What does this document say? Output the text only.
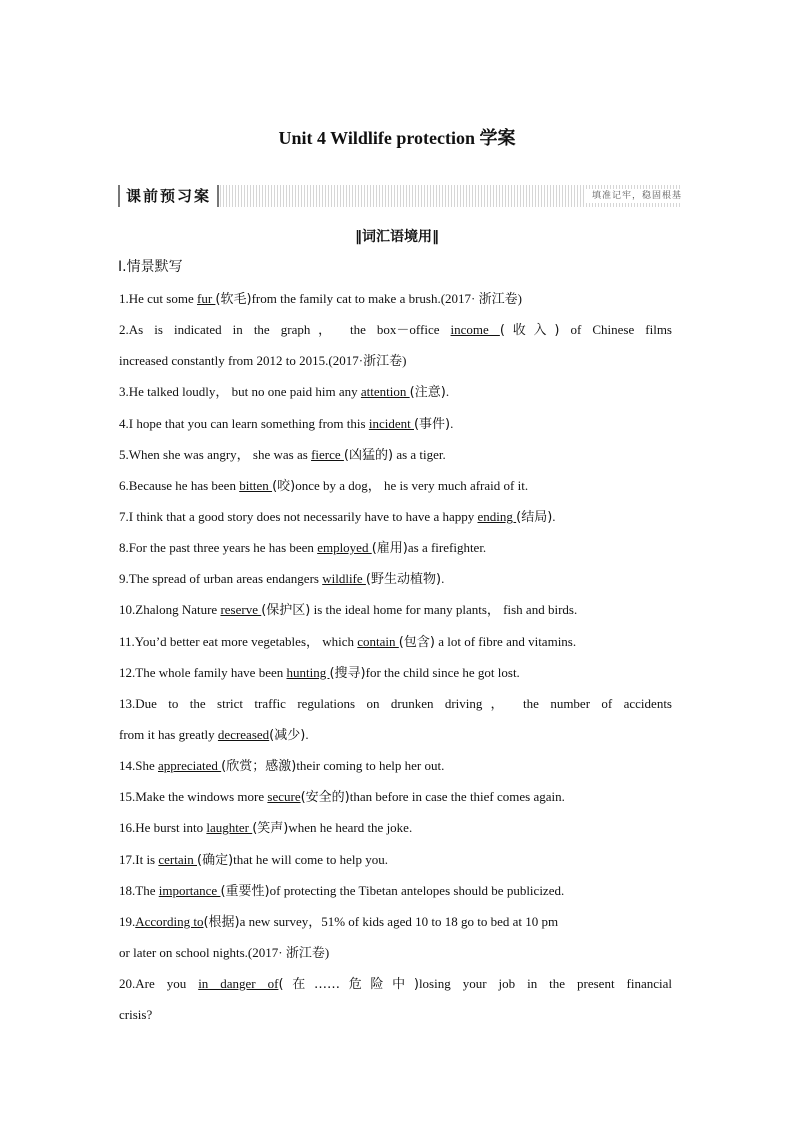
Unit 4 Wildlife protection 学案
课前预习案	填准记牢，稳固根基
‖词汇语境用‖
Ⅰ.情景默写
1.He cut some fur (软毛)from the family cat to make a brush.(2017· 浙江卷)
2.As is indicated in the graph， the box－office income (收入) of Chinese films
increased constantly from 2012 to 2015.(2017·浙江卷)
3.He talked loudly， but no one paid him any attention (注意).
4.I hope that you can learn something from this incident (事件).
5.When she was angry， she was as fierce (凶猛的) as a tiger.
6.Because he has been bitten (咬)once by a dog， he is very much afraid of it.
7.I think that a good story does not necessarily have to have a happy ending (结局).
8.For the past three years he has been employed (雇用)as a firefighter.
9.The spread of urban areas endangers wildlife (野生动植物).
10.Zhalong Nature reserve (保护区) is the ideal home for many plants， fish and birds.
11.You’d better eat more vegetables， which contain (包含) a lot of fibre and vitamins.
12.The whole family have been hunting (搜寻)for the child since he got lost.
13.Due to the strict traffic regulations on drunken driving， the number of accidents
from it has greatly decreased(减少).
14.She appreciated (欣赏；感激)their coming to help her out.
15.Make the windows more secure(安全的)than before in case the thief comes again.
16.He burst into laughter (笑声)when he heard the joke.
17.It is certain (确定)that he will come to help you.
18.The importance (重要性)of protecting the Tibetan antelopes should be publicized.
19.According to(根据)a new survey，51% of kids aged 10 to 18 go to bed at 10 pm
or later on school nights.(2017· 浙江卷)
20.Are you in danger of(在……危险中)losing your job in the present financial
crisis?
